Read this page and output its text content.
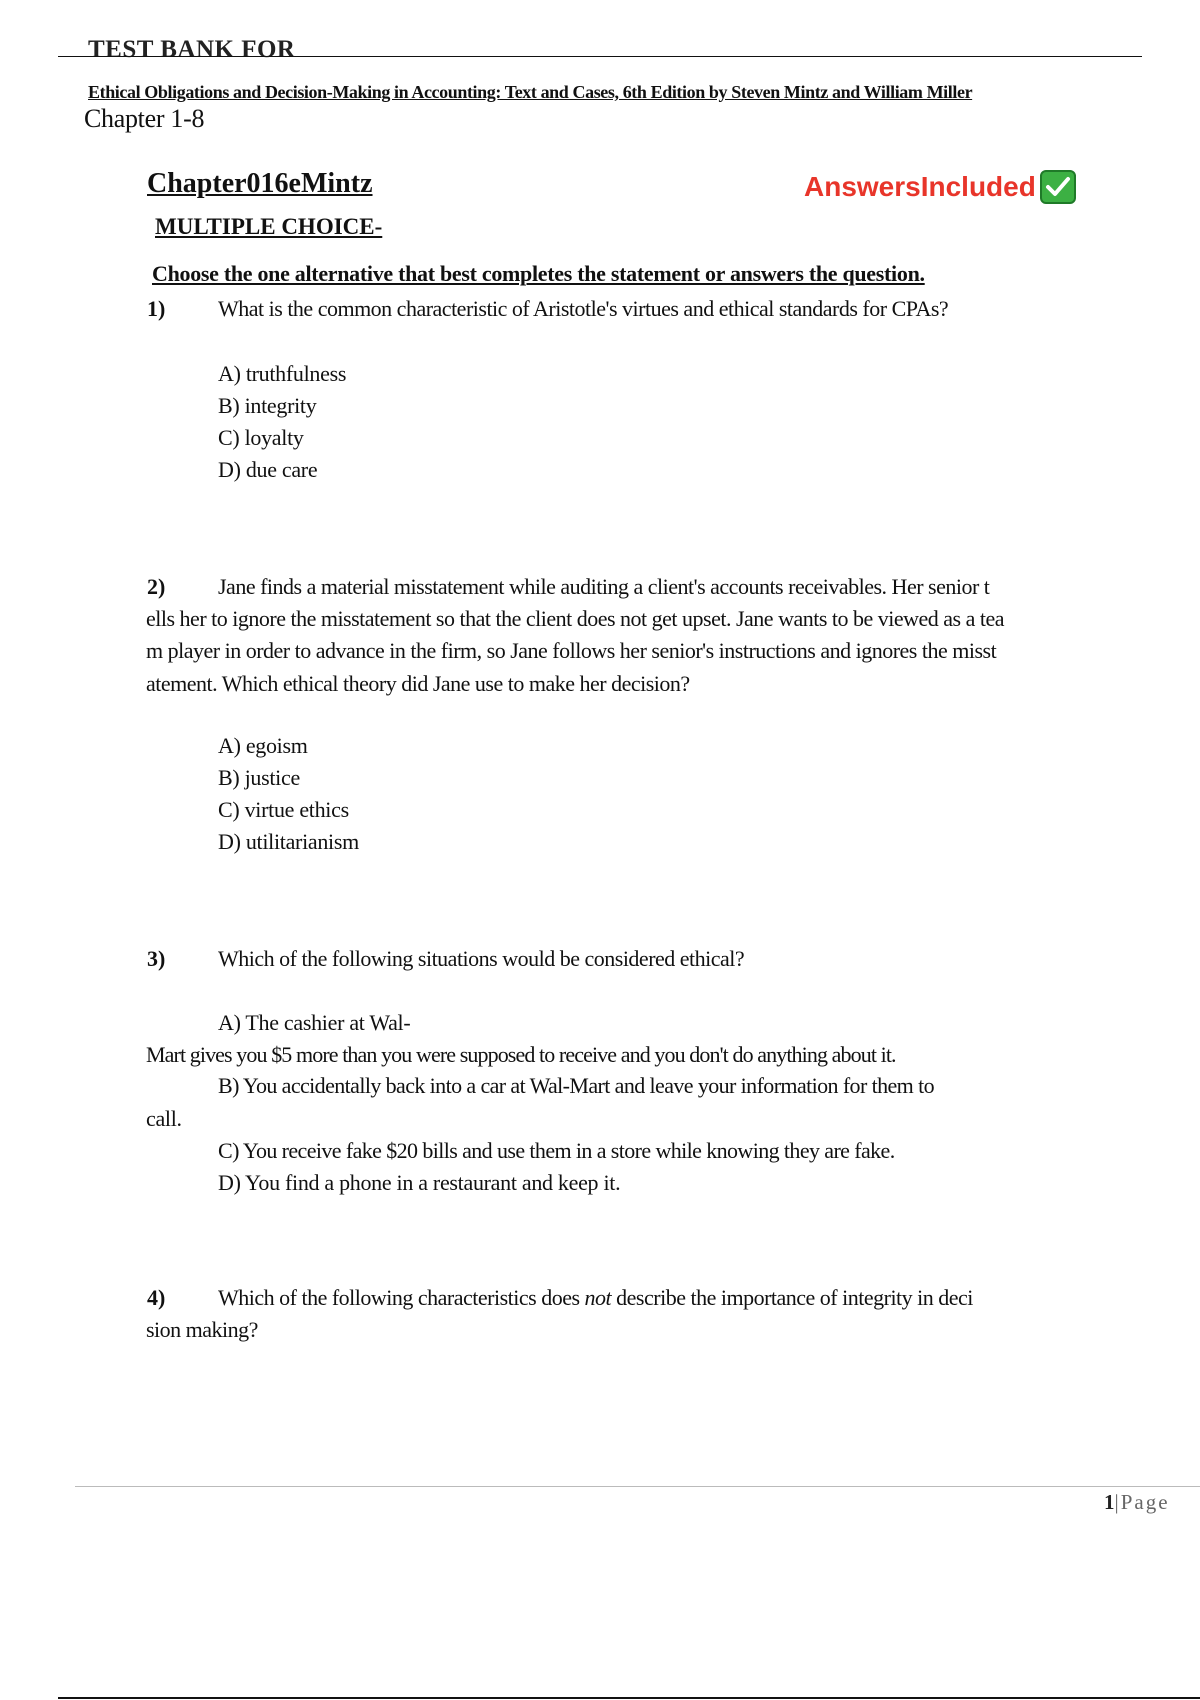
TEST BANK FOR
Ethical Obligations and Decision-Making in Accounting: Text and Cases, 6th Edition by Steven Mintz and William Miller
Chapter 1-8
Chapter016eMintz	AnswersIncluded
MULTIPLE CHOICE-
Choose the one alternative that best completes the statement or answers the question.
1) What is the common characteristic of Aristotle's virtues and ethical standards for CPAs?
A) truthfulness
B) integrity
C) loyalty
D) due care
2) Jane finds a material misstatement while auditing a client's accounts receivables. Her senior t
ells her to ignore the misstatement so that the client does not get upset. Jane wants to be viewed as a tea
m player in order to advance in the firm, so Jane follows her senior's instructions and ignores the misst
atement. Which ethical theory did Jane use to make her decision?
A) egoism
B) justice
C) virtue ethics
D) utilitarianism
3) Which of the following situations would be considered ethical?
A) The cashier at Wal-
Mart gives you $5 more than you were supposed to receive and you don't do anything about it.
B) You accidentally back into a car at Wal-Mart and leave your information for them to
call.
C) You receive fake $20 bills and use them in a store while knowing they are fake.
D) You find a phone in a restaurant and keep it.
4) Which of the following characteristics does not describe the importance of integrity in deci
sion making?
1|Page
